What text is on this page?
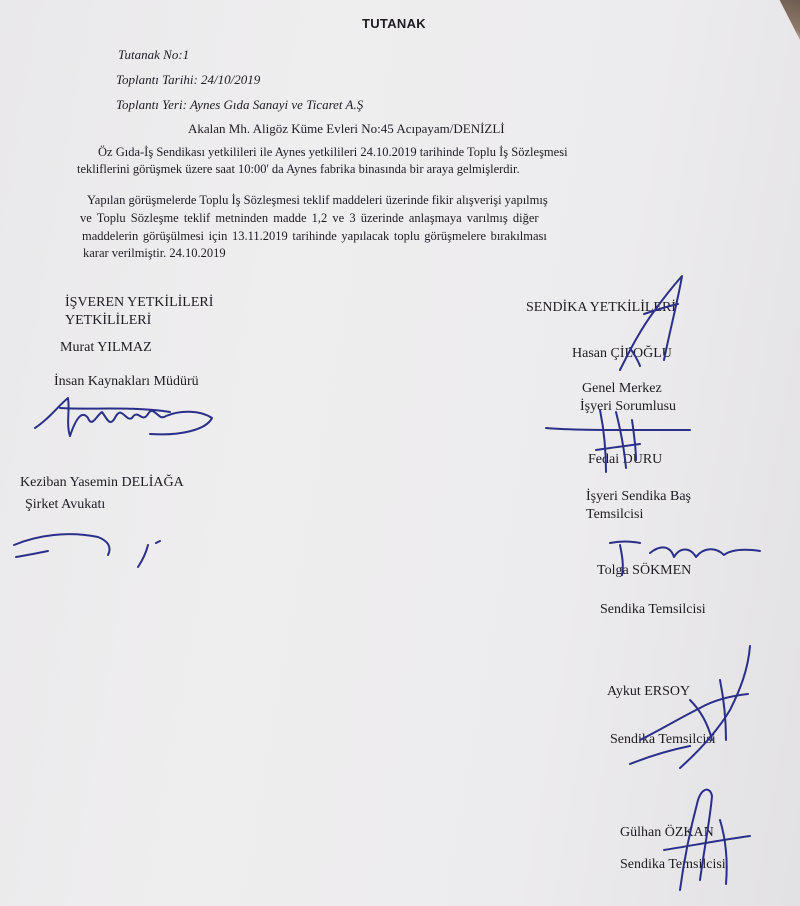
TUTANAK
Tutanak No:1
Toplantı Tarihi: 24/10/2019
Toplantı Yeri: Aynes Gıda Sanayi ve Ticaret A.Ş
Akalan Mh. Aligöz Küme Evleri No:45 Acıpayam/DENİZLİ
Öz Gıda-İş Sendikası yetkilileri ile Aynes yetkilileri 24.10.2019 tarihinde Toplu İş Sözleşmesi
tekliflerini görüşmek üzere saat 10:00' da Aynes fabrika binasında bir araya gelmişlerdir.
Yapılan görüşmelerde Toplu İş Sözleşmesi teklif maddeleri üzerinde fikir alışverişi yapılmış
ve Toplu Sözleşme teklif metninden madde 1,2 ve 3 üzerinde anlaşmaya varılmış diğer
maddelerin görüşülmesi için 13.11.2019 tarihinde yapılacak toplu görüşmelere bırakılması
karar verilmiştir. 24.10.2019
İŞVEREN YETKİLİLERİ
YETKİLİLERİ
Murat YILMAZ
İnsan Kaynakları Müdürü
Keziban Yasemin DELİAĞA
Şirket Avukatı
SENDİKA YETKİLİLERİ
Hasan ÇİLOĞLU
Genel Merkez
İşyeri Sorumlusu
Fedai DURU
İşyeri Sendika Baş
Temsilcisi
Tolga SÖKMEN
Sendika Temsilcisi
Aykut ERSOY
Sendika Temsilcisi
Gülhan ÖZKAN
Sendika Temsilcisi
